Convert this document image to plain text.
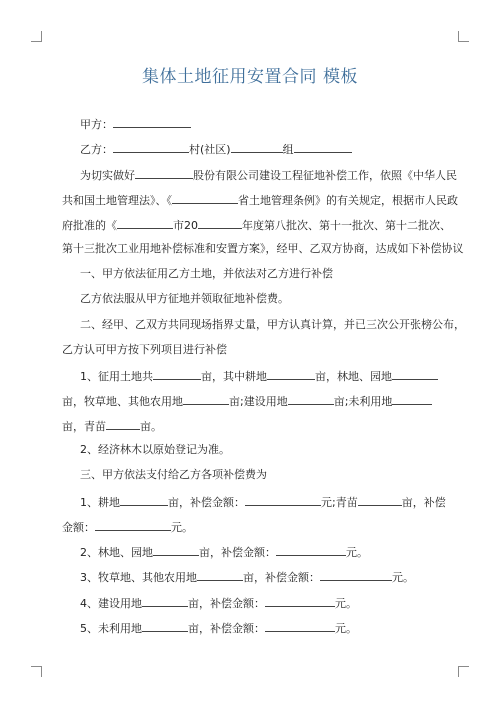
集体土地征用安置合同 模板
甲方：
乙方：	村(社区)	组
为切实做好	股份有限公司建设工程征地补偿工作，依照《中华人民
共和国土地管理法》、《	省土地管理条例》的有关规定，根据市人民政
府批准的《	市20	年度第八批次、第十一批次、第十二批次、
第十三批次工业用地补偿标准和安置方案》，经甲、乙双方协商，达成如下补偿协议
一、甲方依法征用乙方土地，并依法对乙方进行补偿
乙方依法服从甲方征地并领取征地补偿费。
二、经甲、乙双方共同现场指界丈量，甲方认真计算，并已三次公开张榜公布，
乙方认可甲方按下列项目进行补偿
1、征用土地共	亩，其中耕地	亩，林地、园地
亩，牧草地、其他农用地	亩;建设用地	亩;未利用地
亩，青苗	亩。
2、经济林木以原始登记为准。
三、甲方依法支付给乙方各项补偿费为
1、耕地	亩，补偿金额：	元;青苗	亩，补偿
金额：	元。
2、林地、园地	亩，补偿金额：	元。
3、牧草地、其他农用地	亩，补偿金额：	元。
4、建设用地	亩，补偿金额：	元。
5、未利用地	亩，补偿金额：	元。
